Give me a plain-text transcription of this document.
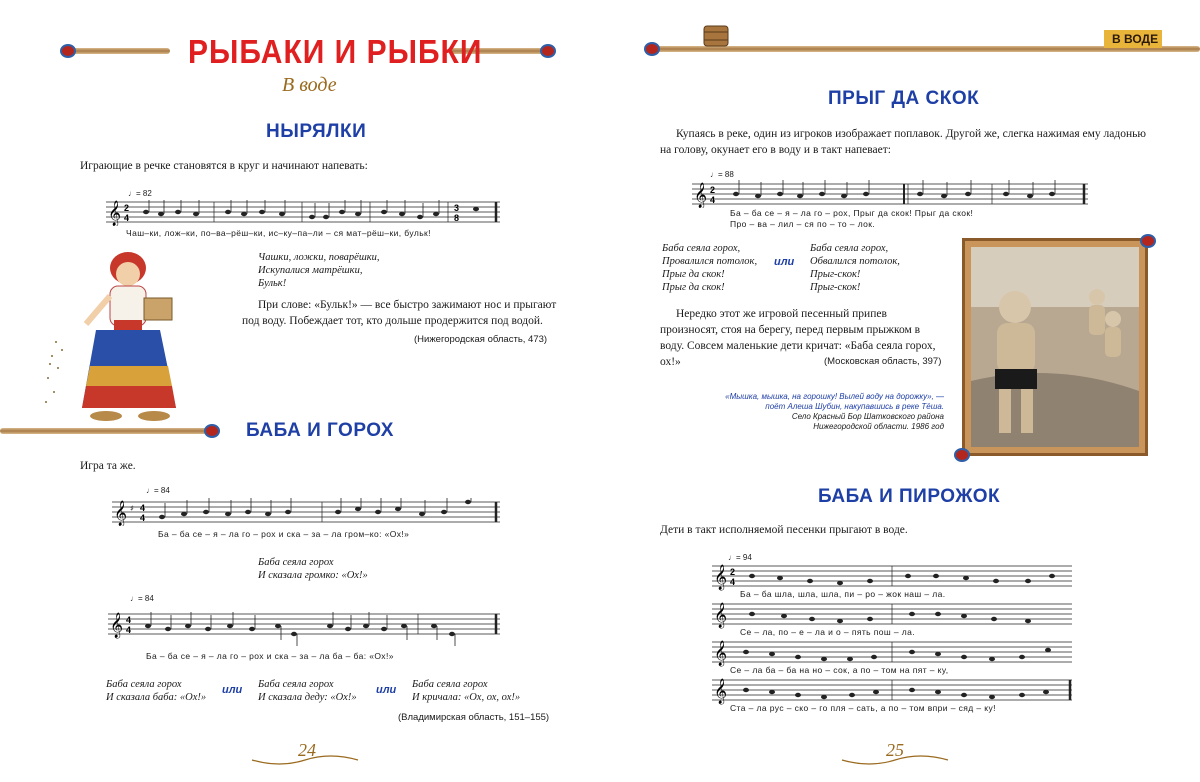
РЫБАКИ И РЫБКИ
В воде
НЫРЯЛКИ
Играющие в речке становятся в круг и начинают напевать:
♩= 82
𝄞 2
4
3
8
Чаш–ки, лож–ки, по–ва–рёш–ки, ис–ку–па–ли – ся мат–рёш–ки, бульк!
Чашки, ложки, поварёшки,
Искупалися матрёшки,
Бульк!
При слове: «Бульк!» — все быстро зажимают нос и прыгают под воду. Побеждает тот, кто дольше продержится под водой.
(Нижегородская область, 473)
БАБА И ГОРОХ
Игра та же.
♩= 84
𝄞 ♯ 4
4
Ба – ба се – я – ла го – рох и ска – за – ла гром–ко: «Ох!»
Баба сеяла горох
И сказала громко: «Ох!»
♩= 84
𝄞 4
4
Ба – ба се – я – ла го – рох и ска – за – ла ба – ба: «Ох!»
Баба сеяла горох
И сказала баба: «Ох!»
или Баба сеяла горох
И сказала деду: «Ох!»
или Баба сеяла горох
И кричала: «Ох, ох, ох!»
(Владимирская область, 151–155)
24
В ВОДЕ
ПРЫГ ДА СКОК
Купаясь в реке, один из игроков изображает поплавок. Другой же, слегка нажимая ему ладонью на голову, окунает его в воду и в такт напевает:
♩= 88
𝄞 2
4
Ба – ба се – я – ла го – рох, Прыг да скок! Прыг да скок!
Про – ва – лил – ся по – то – лок.
Баба сеяла горох,
Провалился потолок,
Прыг да скок!
Прыг да скок!
или
Баба сеяла горох,
Обвалился потолок,
Прыг-скок!
Прыг-скок!
Нередко этот же игровой песенный припев произносят, стоя на берегу, перед первым прыжком в воду. Совсем маленькие дети кричат: «Баба сеяла горох, ох!»	(Московская область, 397)
«Мышка, мышка, на горошку! Вылей воду на дорожку», —
поёт Алеша Шубин, накупавшись в реке Тёша.
Село Красный Бор Шатковского района
Нижегородской области. 1986 год
БАБА И ПИРОЖОК
Дети в такт исполняемой песенки прыгают в воде.
♩= 94
𝄞
𝄞
𝄞
𝄞
2
4
Ба – ба шла, шла, шла, пи – ро – жок наш – ла.
Се – ла, по – е – ла и о – пять пош – ла.
Се – ла ба – ба на но – сок, а по – том на пят – ку,
Ста – ла рус – ско – го пля – сать, а по – том впри – сяд – ку!
25
